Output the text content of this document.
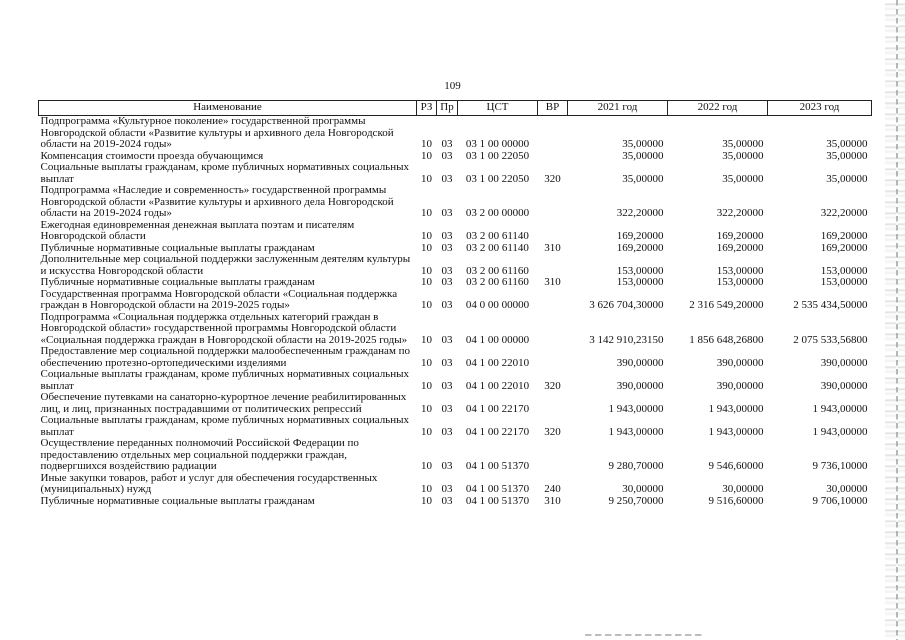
109
Наименование	РЗ	Пр	ЦСТ	ВР	2021 год	2022 год	2023 год
Подпрограмма «Культурное поколение» государственной программы Новгородской области «Развитие культуры и архивного дела Новгородской области на 2019-2024 годы»	10	03	03 1 00 00000		35,00000	35,00000	35,00000
Компенсация стоимости проезда обучающимся	10	03	03 1 00 22050		35,00000	35,00000	35,00000
Социальные выплаты гражданам, кроме публичных нормативных социальных выплат	10	03	03 1 00 22050	320	35,00000	35,00000	35,00000
Подпрограмма «Наследие и современность» государственной программы Новгородской области «Развитие культуры и архивного дела Новгородской области на 2019-2024 годы»	10	03	03 2 00 00000		322,20000	322,20000	322,20000
Ежегодная единовременная денежная выплата поэтам и писателям Новгородской области	10	03	03 2 00 61140		169,20000	169,20000	169,20000
Публичные нормативные социальные выплаты гражданам	10	03	03 2 00 61140	310	169,20000	169,20000	169,20000
Дополнительные мер социальной поддержки заслуженным деятелям культуры и искусства Новгородской области	10	03	03 2 00 61160		153,00000	153,00000	153,00000
Публичные нормативные социальные выплаты гражданам	10	03	03 2 00 61160	310	153,00000	153,00000	153,00000
Государственная программа Новгородской области «Социальная поддержка граждан в Новгородской области на 2019-2025 годы»	10	03	04 0 00 00000		3 626 704,30000	2 316 549,20000	2 535 434,50000
Подпрограмма «Социальная поддержка отдельных категорий граждан в Новгородской области» государственной программы Новгородской области «Социальная поддержка граждан в Новгородской области на 2019-2025 годы»	10	03	04 1 00 00000		3 142 910,23150	1 856 648,26800	2 075 533,56800
Предоставление мер социальной поддержки малообеспеченным гражданам по обеспечению протезно-ортопедическими изделиями	10	03	04 1 00 22010		390,00000	390,00000	390,00000
Социальные выплаты гражданам, кроме публичных нормативных социальных выплат	10	03	04 1 00 22010	320	390,00000	390,00000	390,00000
Обеспечение путевками на санаторно-курортное лечение реабилитированных лиц, и лиц, признанных пострадавшими от политических репрессий	10	03	04 1 00 22170		1 943,00000	1 943,00000	1 943,00000
Социальные выплаты гражданам, кроме публичных нормативных социальных выплат	10	03	04 1 00 22170	320	1 943,00000	1 943,00000	1 943,00000
Осуществление переданных полномочий Российской Федерации по предоставлению отдельных мер социальной поддержки граждан, подвергшихся воздействию радиации	10	03	04 1 00 51370		9 280,70000	9 546,60000	9 736,10000
Иные закупки товаров, работ и услуг для обеспечения государственных (муниципальных) нужд	10	03	04 1 00 51370	240	30,00000	30,00000	30,00000
Публичные нормативные социальные выплаты гражданам	10	03	04 1 00 51370	310	9 250,70000	9 516,60000	9 706,10000
